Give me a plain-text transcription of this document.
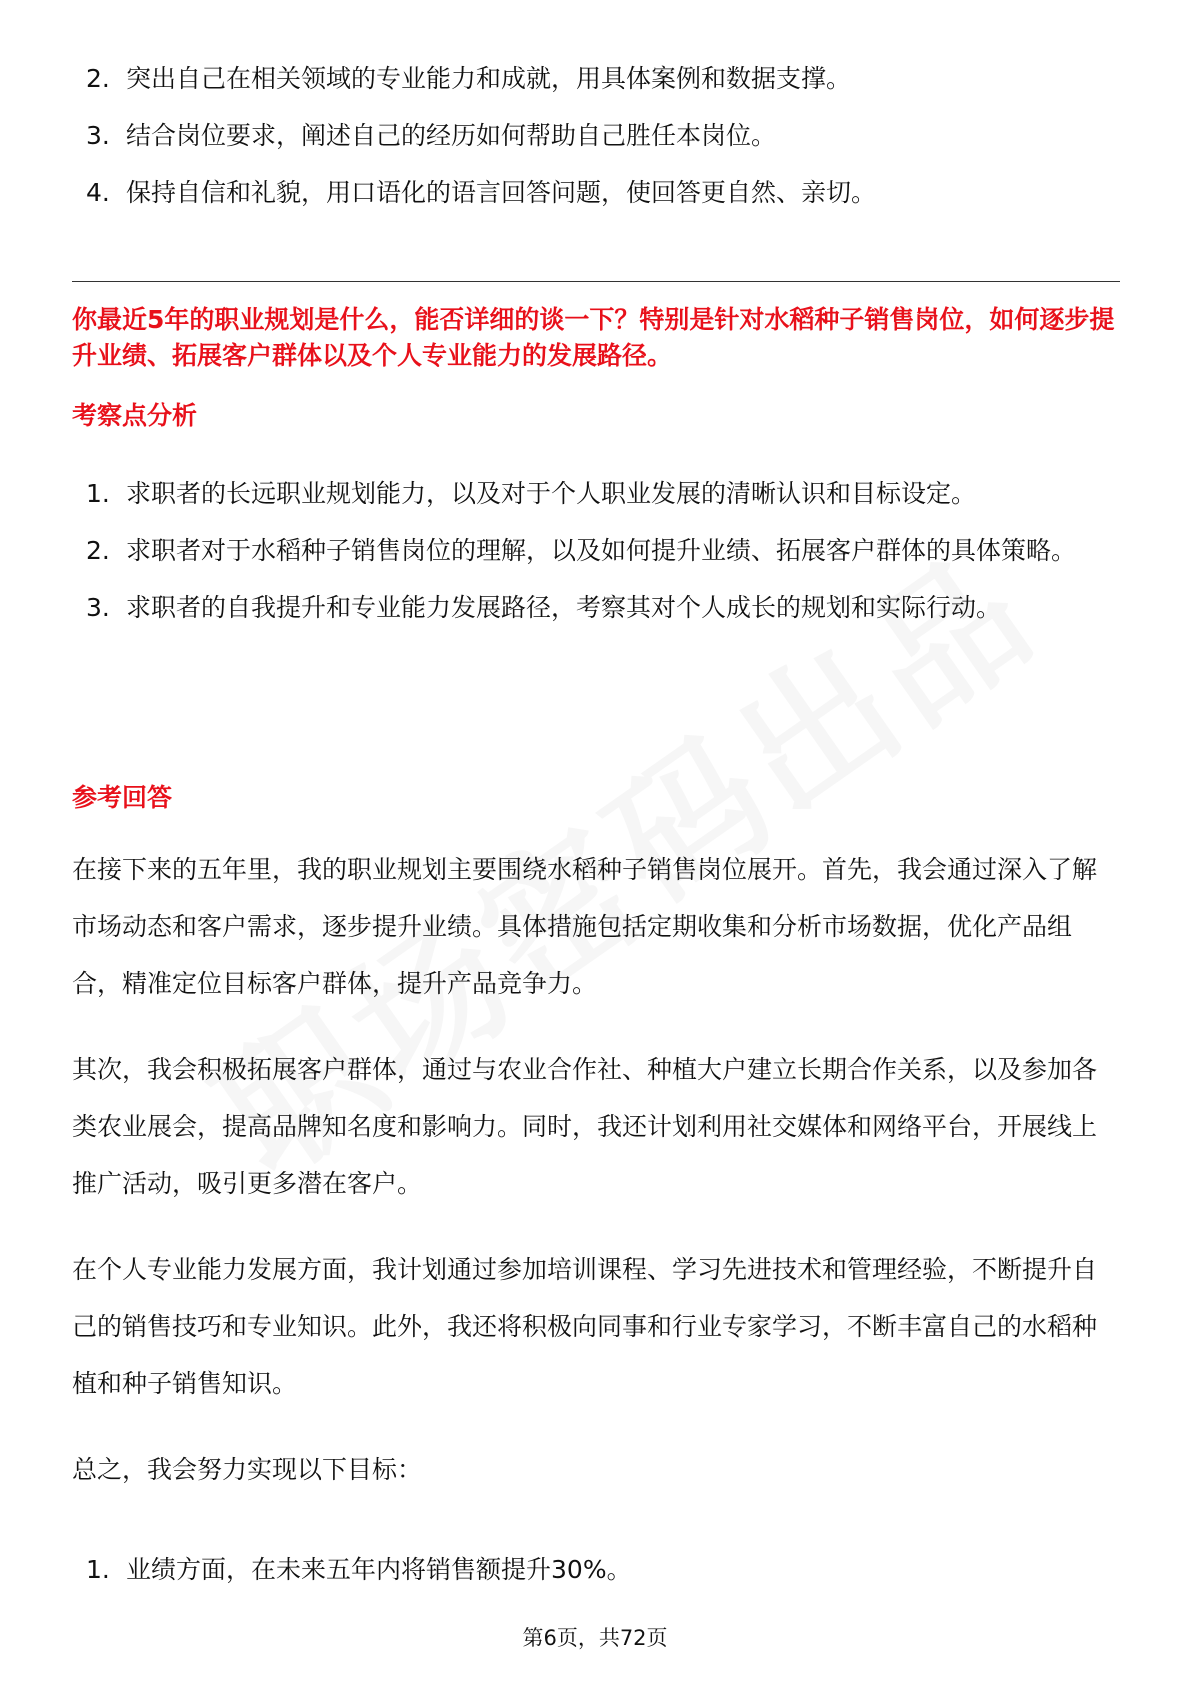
2. 突出自己在相关领域的专业能力和成就，用具体案例和数据支撑。
3. 结合岗位要求，阐述自己的经历如何帮助自己胜任本岗位。
4. 保持自信和礼貌，用口语化的语言回答问题，使回答更自然、亲切。
你最近5年的职业规划是什么，能否详细的谈一下？特别是针对水稻种子销售岗位，如何逐步提升业绩、拓展客户群体以及个人专业能力的发展路径。
考察点分析
1. 求职者的长远职业规划能力，以及对于个人职业发展的清晰认识和目标设定。
2. 求职者对于水稻种子销售岗位的理解，以及如何提升业绩、拓展客户群体的具体策略。
3. 求职者的自我提升和专业能力发展路径，考察其对个人成长的规划和实际行动。
参考回答

在接下来的五年里，我的职业规划主要围绕水稻种子销售岗位展开。首先，我会通过深入了解市场动态和客户需求，逐步提升业绩。具体措施包括定期收集和分析市场数据，优化产品组合，精准定位目标客户群体，提升产品竞争力。

其次，我会积极拓展客户群体，通过与农业合作社、种植大户建立长期合作关系，以及参加各类农业展会，提高品牌知名度和影响力。同时，我还计划利用社交媒体和网络平台，开展线上推广活动，吸引更多潜在客户。

在个人专业能力发展方面，我计划通过参加培训课程、学习先进技术和管理经验，不断提升自己的销售技巧和专业知识。此外，我还将积极向同事和行业专家学习，不断丰富自己的水稻种植和种子销售知识。

总之，我会努力实现以下目标：

1. 业绩方面，在未来五年内将销售额提升30%。
第6页，共72页
